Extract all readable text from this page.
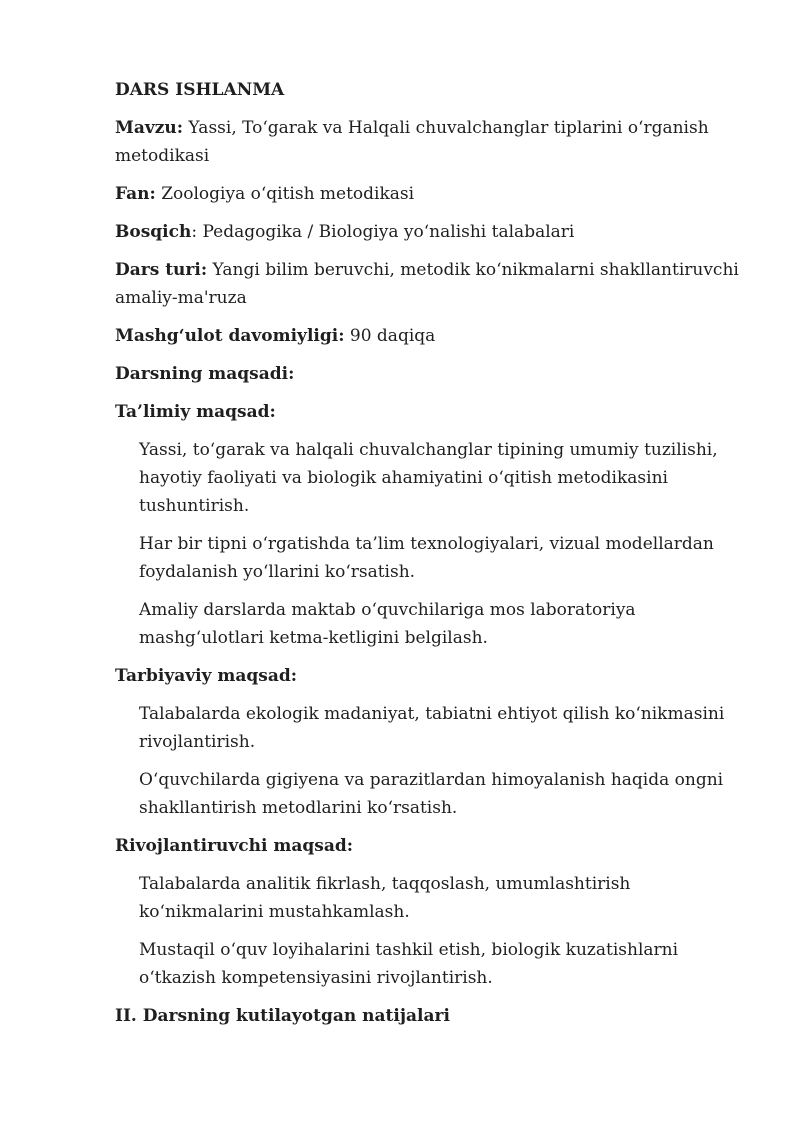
DARS ISHLANMA
Mavzu: Yassi, To‘garak va Halqali chuvalchanglar tiplarini o‘rganish metodikasi
Fan: Zoologiya o‘qitish metodikasi
Bosqich: Pedagogika / Biologiya yo‘nalishi talabalari
Dars turi: Yangi bilim beruvchi, metodik ko‘nikmalarni shakllantiruvchi amaliy-ma'ruza
Mashg‘ulot davomiyligi: 90 daqiqa
Darsning maqsadi:
Ta’limiy maqsad:
Yassi, to‘garak va halqali chuvalchanglar tipining umumiy tuzilishi, hayotiy faoliyati va biologik ahamiyatini o‘qitish metodikasini tushuntirish.
Har bir tipni o‘rgatishda ta’lim texnologiyalari, vizual modellardan foydalanish yo‘llarini ko‘rsatish.
Amaliy darslarda maktab o‘quvchilariga mos laboratoriya mashg‘ulotlari ketma-ketligini belgilash.
Tarbiyaviy maqsad:
Talabalarda ekologik madaniyat, tabiatni ehtiyot qilish ko‘nikmasini rivojlantirish.
O‘quvchilarda gigiyena va parazitlardan himoyalanish haqida ongni shakllantirish metodlarini ko‘rsatish.
Rivojlantiruvchi maqsad:
Talabalarda analitik fikrlash, taqqoslash, umumlashtirish ko‘nikmalarini mustahkamlash.
Mustaqil o‘quv loyihalarini tashkil etish, biologik kuzatishlarni o‘tkazish kompetensiyasini rivojlantirish.
II. Darsning kutilayotgan natijalari
